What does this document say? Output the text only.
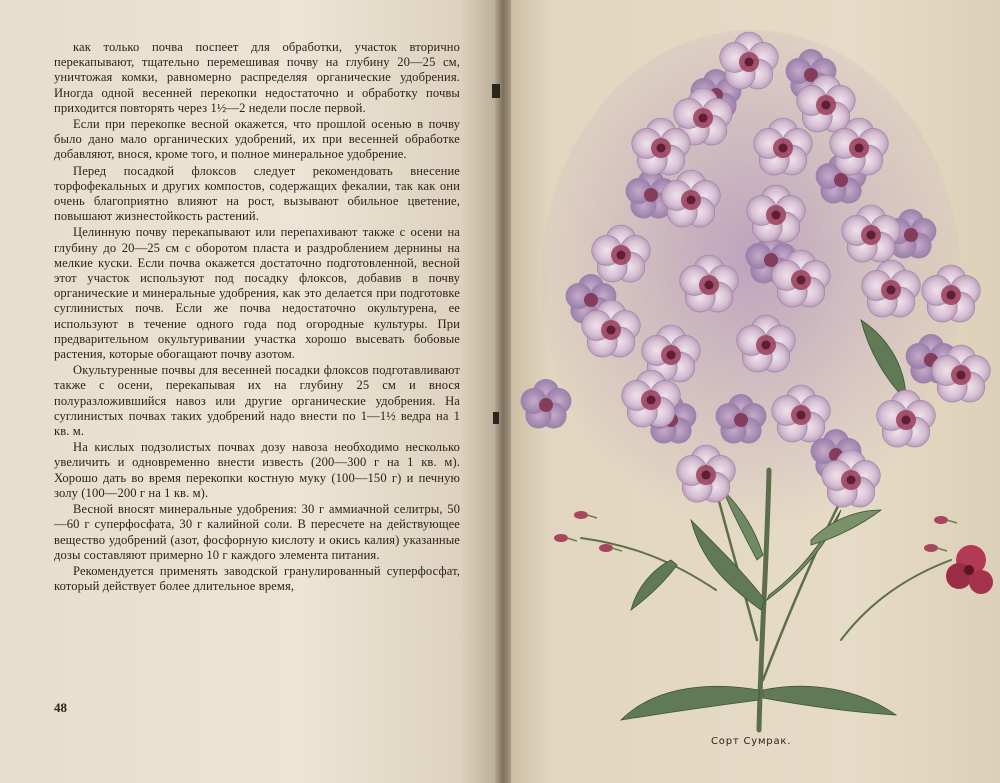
как только почва поспеет для обработки, участок вторично перекапывают, тщательно перемешивая почву на глубину 20—25 см, уничтожая комки, равномерно распределяя органические удобрения. Иногда одной весенней перекопки недостаточно и обработку почвы приходится повторять через 1½—2 недели после первой.

Если при перекопке весной окажется, что прошлой осенью в почву было дано мало органических удобрений, их при весенней обработке добавляют, внося, кроме того, и полное минеральное удобрение.

Перед посадкой флоксов следует рекомендовать внесение торфофекальных и других компостов, содержащих фекалии, так как они очень благоприятно влияют на рост, вызывают обильное цветение, повышают жизнестойкость растений.

Целинную почву перекапывают или перепахивают также с осени на глубину до 20—25 см с оборотом пласта и раздроблением дернины на мелкие куски. Если почва окажется достаточно подготовленной, весной этот участок используют под посадку флоксов, добавив в почву органические и минеральные удобрения, как это делается при подготовке суглинистых почв. Если же почва недостаточно окультурена, ее используют в течение одного года под огородные культуры. При предварительном окультуривании участка хорошо высевать бобовые растения, которые обогащают почву азотом.

Окультуренные почвы для весенней посадки флоксов подготавливают также с осени, перекапывая их на глубину 25 см и внося полуразложившийся навоз или другие органические удобрения. На суглинистых почвах таких удобрений надо внести по 1—1½ ведра на 1 кв. м.

На кислых подзолистых почвах дозу навоза необходимо несколько увеличить и одновременно внести известь (200—300 г на 1 кв. м). Хорошо дать во время перекопки костную муку (100—150 г) и печную золу (100—200 г на 1 кв. м).

Весной вносят минеральные удобрения: 30 г аммиачной селитры, 50—60 г суперфосфата, 30 г калийной соли. В пересчете на действующее вещество удобрений (азот, фосфорную кислоту и окись калия) указанные дозы составляют примерно 10 г каждого элемента питания.

Рекомендуется применять заводской гранулированный суперфосфат, который действует более длительное время,

48
Сорт Сумрак.
